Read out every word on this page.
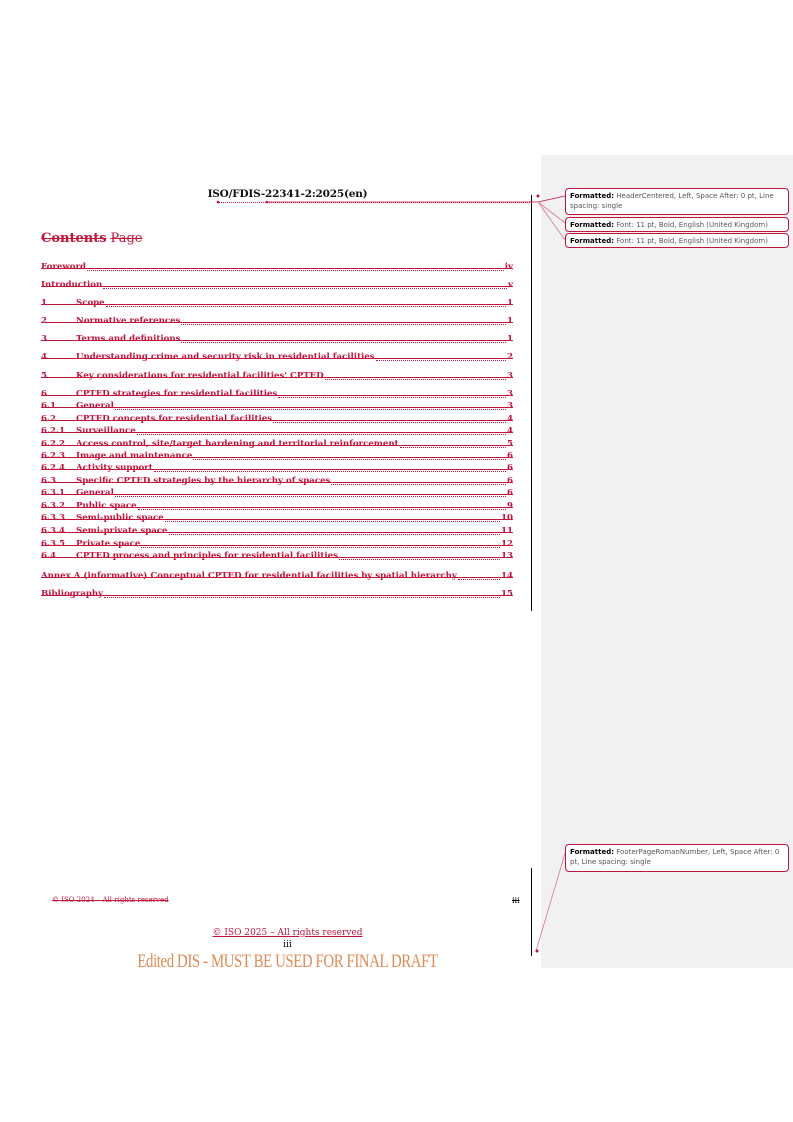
ISO/FDIS-22341-2:2025(en)
Contents Page
Foreword	iv
Introduction	v
1	Scope	1
2	Normative references	1
3	Terms and definitions	1
4	Understanding crime and security risk in residential facilities	2
5	Key considerations for residential facilities' CPTED	3
6	CPTED strategies for residential facilities	3
6.1	General	3
6.2	CPTED concepts for residential facilities	4
6.2.1	Surveillance	4
6.2.2	Access control, site/target hardening and territorial reinforcement	5
6.2.3	Image and maintenance	6
6.2.4	Activity support	6
6.3	Specific CPTED strategies by the hierarchy of spaces	6
6.3.1	General	6
6.3.2	Public space	9
6.3.3	Semi-public space	10
6.3.4	Semi-private space	11
6.3.5	Private space	12
6.4	CPTED process and principles for residential facilities	13
Annex A (informative) Conceptual CPTED for residential facilities by spatial hierarchy	14
Bibliography	15
Formatted: HeaderCentered, Left, Space After: 0 pt, Line spacing: single
Formatted: Font: 11 pt, Bold, English (United Kingdom)
Formatted: Font: 11 pt, Bold, English (United Kingdom)
Formatted: FooterPageRomanNumber, Left, Space After: 0 pt, Line spacing: single
© ISO 2024 – All rights reserved	iii
© ISO 2025 – All rights reserved
iii
Edited DIS - MUST BE USED FOR FINAL DRAFT
